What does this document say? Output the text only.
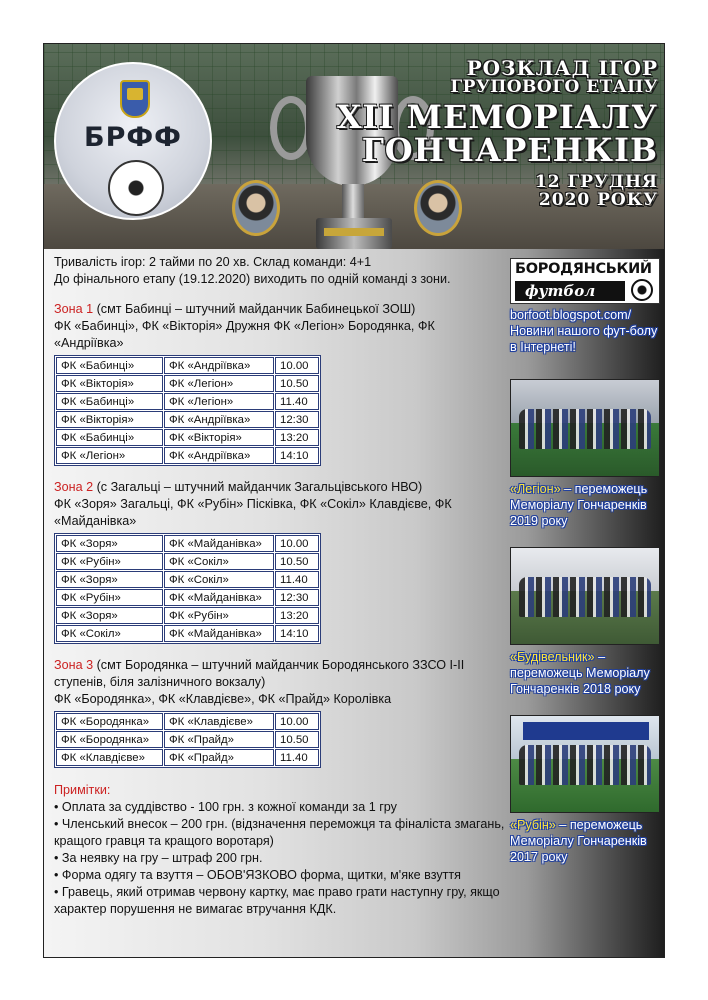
БРФФ
РОЗКЛАД ІГОР
ГРУПОВОГО ЕТАПУ
XII МЕМОРІАЛУ
ГОНЧАРЕНКІВ
12 ГРУДНЯ
2020 РОКУ
Тривалість ігор: 2 тайми по 20 хв. Склад команди: 4+1
До фінального етапу (19.12.2020) виходить по одній команді з зони.
Зона 1 (смт Бабинці – штучний майданчик Бабинецької ЗОШ)
ФК «Бабинці», ФК «Вікторія» Дружня ФК «Легіон» Бородянка, ФК «Андріївка»
ФК «Бабинці»	ФК «Андріївка»	10.00
ФК «Вікторія»	ФК «Легіон»	10.50
ФК «Бабинці»	ФК «Легіон»	11.40
ФК «Вікторія»	ФК «Андріївка»	12:30
ФК «Бабинці»	ФК «Вікторія»	13:20
ФК «Легіон»	ФК «Андріївка»	14:10
Зона 2 (с Загальці – штучний майданчик Загальцівського НВО)
ФК «Зоря» Загальці, ФК «Рубін» Пісківка, ФК «Сокіл» Клавдієве, ФК «Майданівка»
ФК «Зоря»	ФК «Майданівка»	10.00
ФК «Рубін»	ФК «Сокіл»	10.50
ФК «Зоря»	ФК «Сокіл»	11.40
ФК «Рубін»	ФК «Майданівка»	12:30
ФК «Зоря»	ФК «Рубін»	13:20
ФК «Сокіл»	ФК «Майданівка»	14:10
Зона 3 (смт Бородянка – штучний майданчик Бородянського ЗЗСО І-ІІ ступенів, біля залізничного вокзалу)
ФК «Бородянка», ФК «Клавдієве», ФК «Прайд» Королівка
ФК «Бородянка»	ФК «Клавдієве»	10.00
ФК «Бородянка»	ФК «Прайд»	10.50
ФК «Клавдієве»	ФК «Прайд»	11.40
Примітки:
• Оплата за суддівство - 100 грн. з кожної команди за 1 гру
• Членський внесок – 200 грн. (відзначення переможця та фіналіста змагань, кращого гравця та кращого воротаря)
• За неявку на гру – штраф 200 грн.
• Форма одягу та взуття – ОБОВ'ЯЗКОВО форма, щитки, м'яке взуття
• Гравець, який отримав червону картку, має право грати наступну гру, якщо характер порушення не вимагає втручання КДК.
БОРОДЯНСЬКИЙ
футбол
borfoot.blogspot.com/ Новини нашого фут-болу в Інтернеті!
«Легіон» – переможець Меморіалу Гончаренків 2019 року
«Будівельник» – переможець Меморіалу Гончаренків 2018 року
«Рубін» – переможець Меморіалу Гончаренків 2017 року
